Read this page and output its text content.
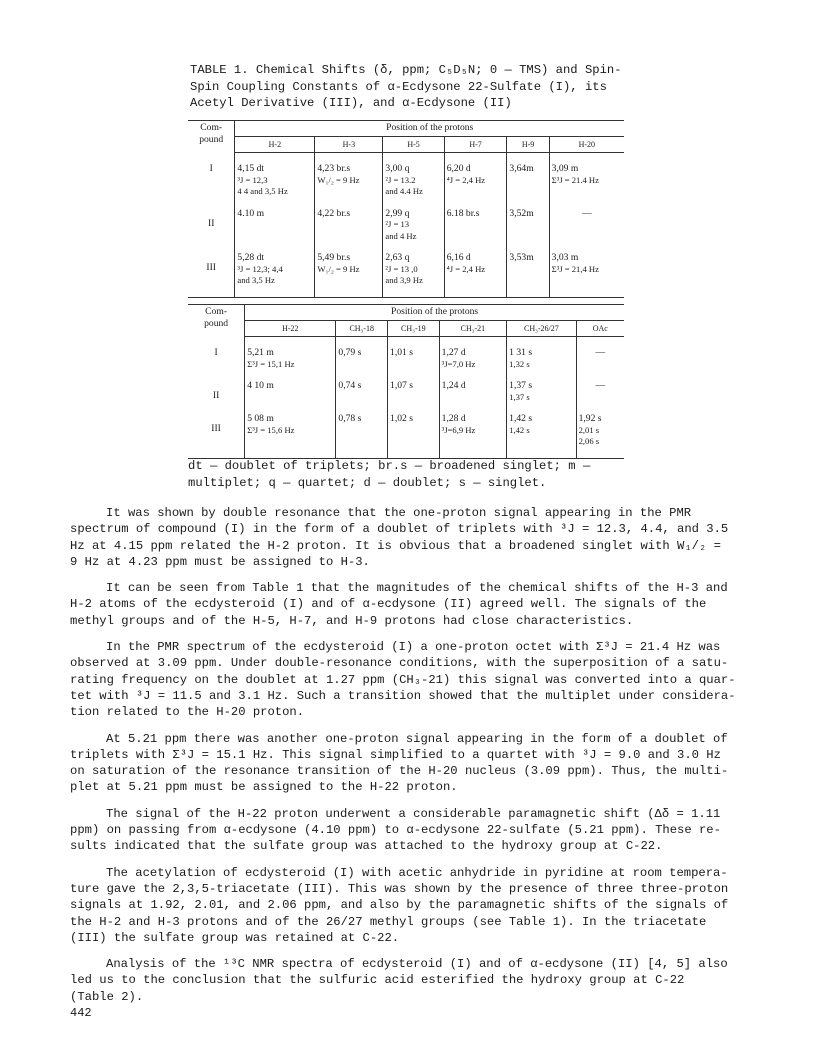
TABLE 1. Chemical Shifts (δ, ppm; C₅D₅N; 0 — TMS) and Spin-
Spin Coupling Constants of α-Ecdysone 22-Sulfate (I), its
Acetyl Derivative (III), and α-Ecdysone (II)
Com-
pound	Position of the protons					
	H-2	H-3	H-5	H-7	H-9	H-20
I	4,15 dt
³J = 12,3
4 4 and 3,5 Hz	4,23 br.s
W₁/₂ = 9 Hz	3,00 q
²J = 13.2
and 4.4 Hz	6,20 d
⁴J = 2,4 Hz	3,64m	3,09 m
Σ³J = 21.4 Hz

II	4.10 m	4,22 br.s	2,99 q
²J = 13
and 4 Hz	6.18 br.s	3,52m	—

III	5,28 dt
³J = 12,3; 4,4
and 3,5 Hz	5,49 br.s
W₁/₂ = 9 Hz	2,63 q
²J = 13 ,0
and 3,9 Hz	6,16 d
⁴J = 2,4 Hz	3,53m	3,03 m
Σ³J = 21,4 Hz
Com-
pound	Position of the protons					
	H-22	CH₃-18	CH₃-19	CH₃-21	CH₃-26/27	OAc
I	5,21 m
Σ³J = 15,1 Hz	0,79 s	1,01 s	1,27 d
³J=7,0 Hz	1 31 s
1,32 s	—

II	4 10 m	0,74 s	1,07 s	1,24 d	1,37 s
1,37 s	—

III	5 08 m
Σ³J = 15,6 Hz	0,78 s	1,02 s	1,28 d
³J=6,9 Hz	1,42 s
1,42 s	1,92 s
2,01 s
2,06 s
dt — doublet of triplets; br.s — broadened singlet; m —
multiplet; q — quartet; d — doublet; s — singlet.

It was shown by double resonance that the one-proton signal appearing in the PMR
spectrum of compound (I) in the form of a doublet of triplets with ³J = 12.3, 4.4, and 3.5
Hz at 4.15 ppm related the H-2 proton. It is obvious that a broadened singlet with W₁/₂ =
9 Hz at 4.23 ppm must be assigned to H-3.

It can be seen from Table 1 that the magnitudes of the chemical shifts of the H-3 and
H-2 atoms of the ecdysteroid (I) and of α-ecdysone (II) agreed well. The signals of the
methyl groups and of the H-5, H-7, and H-9 protons had close characteristics.

In the PMR spectrum of the ecdysteroid (I) a one-proton octet with Σ³J = 21.4 Hz was
observed at 3.09 ppm. Under double-resonance conditions, with the superposition of a satu-
rating frequency on the doublet at 1.27 ppm (CH₃-21) this signal was converted into a quar-
tet with ³J = 11.5 and 3.1 Hz. Such a transition showed that the multiplet under considera-
tion related to the H-20 proton.

At 5.21 ppm there was another one-proton signal appearing in the form of a doublet of
triplets with Σ³J = 15.1 Hz. This signal simplified to a quartet with ³J = 9.0 and 3.0 Hz
on saturation of the resonance transition of the H-20 nucleus (3.09 ppm). Thus, the multi-
plet at 5.21 ppm must be assigned to the H-22 proton.

The signal of the H-22 proton underwent a considerable paramagnetic shift (Δδ = 1.11
ppm) on passing from α-ecdysone (4.10 ppm) to α-ecdysone 22-sulfate (5.21 ppm). These re-
sults indicated that the sulfate group was attached to the hydroxy group at C-22.

The acetylation of ecdysteroid (I) with acetic anhydride in pyridine at room tempera-
ture gave the 2,3,5-triacetate (III). This was shown by the presence of three three-proton
signals at 1.92, 2.01, and 2.06 ppm, and also by the paramagnetic shifts of the signals of
the H-2 and H-3 protons and of the 26/27 methyl groups (see Table 1). In the triacetate
(III) the sulfate group was retained at C-22.

Analysis of the ¹³C NMR spectra of ecdysteroid (I) and of α-ecdysone (II) [4, 5] also
led us to the conclusion that the sulfuric acid esterified the hydroxy group at C-22
(Table 2).

442
